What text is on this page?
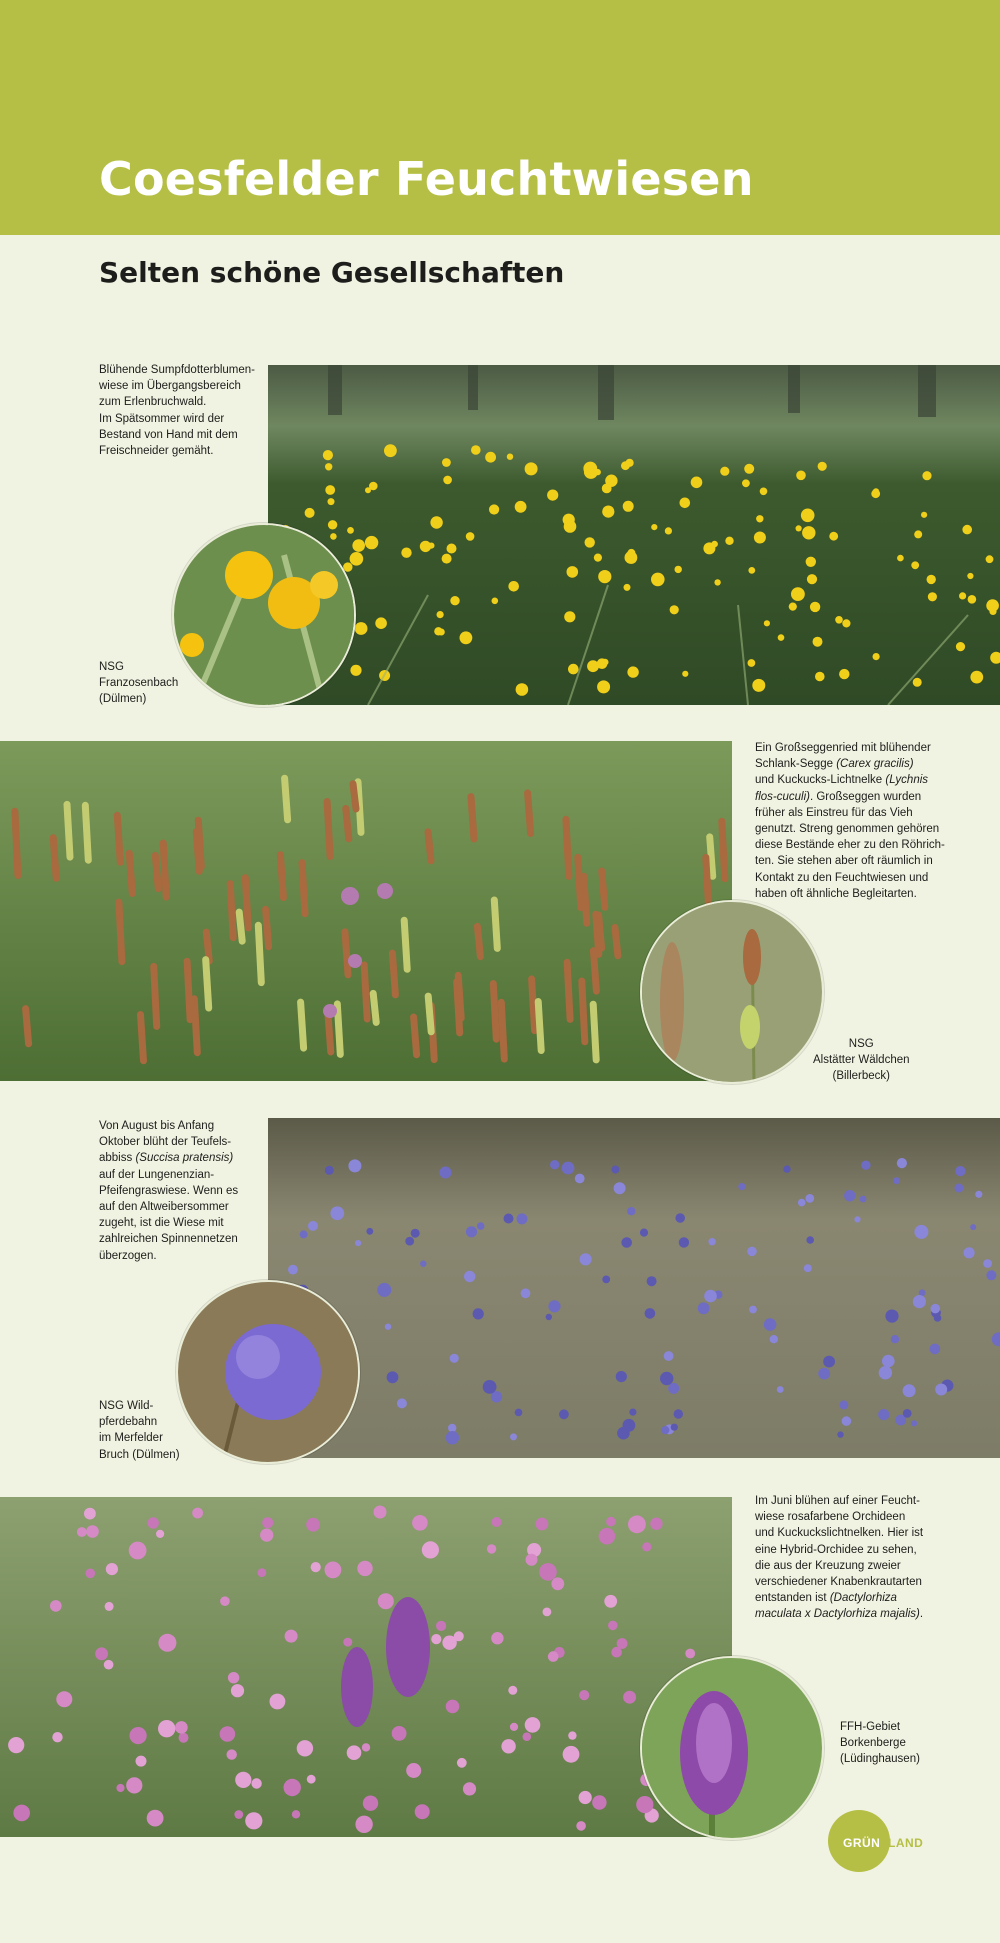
Coesfelder Feuchtwiesen
Selten schöne Gesellschaften

Blühende Sumpfdotterblumen-
wiese im Übergangsbereich
zum Erlenbruchwald.
Im Spätsommer wird der
Bestand von Hand mit dem
Freischneider gemäht.

NSG
Franzosenbach
(Dülmen)

Ein Großseggenried mit blühender
Schlank-Segge (Carex gracilis)
und Kuckucks-Lichtnelke (Lychnis
flos-cuculi). Großseggen wurden
früher als Einstreu für das Vieh
genutzt. Streng genommen gehören
diese Bestände eher zu den Röhrich-
ten. Sie stehen aber oft räumlich in
Kontakt zu den Feuchtwiesen und
haben oft ähnliche Begleitarten.

NSG
Alstätter Wäldchen
(Billerbeck)

Von August bis Anfang
Oktober blüht der Teufels-
abbiss (Succisa pratensis)
auf der Lungenenzian-
Pfeifengraswiese. Wenn es
auf den Altweibersommer
zugeht, ist die Wiese mit
zahlreichen Spinnennetzen
überzogen.

NSG Wild-
pferdebahn
im Merfelder
Bruch (Dülmen)

Im Juni blühen auf einer Feucht-
wiese rosafarbene Orchideen
und Kuckuckslichtnelken. Hier ist
eine Hybrid-Orchidee zu sehen,
die aus der Kreuzung zweier
verschiedener Knabenkrautarten
entstanden ist (Dactylorhiza
maculata x Dactylorhiza majalis).

FFH-Gebiet
Borkenberge
(Lüdinghausen)

GRÜN LAND
